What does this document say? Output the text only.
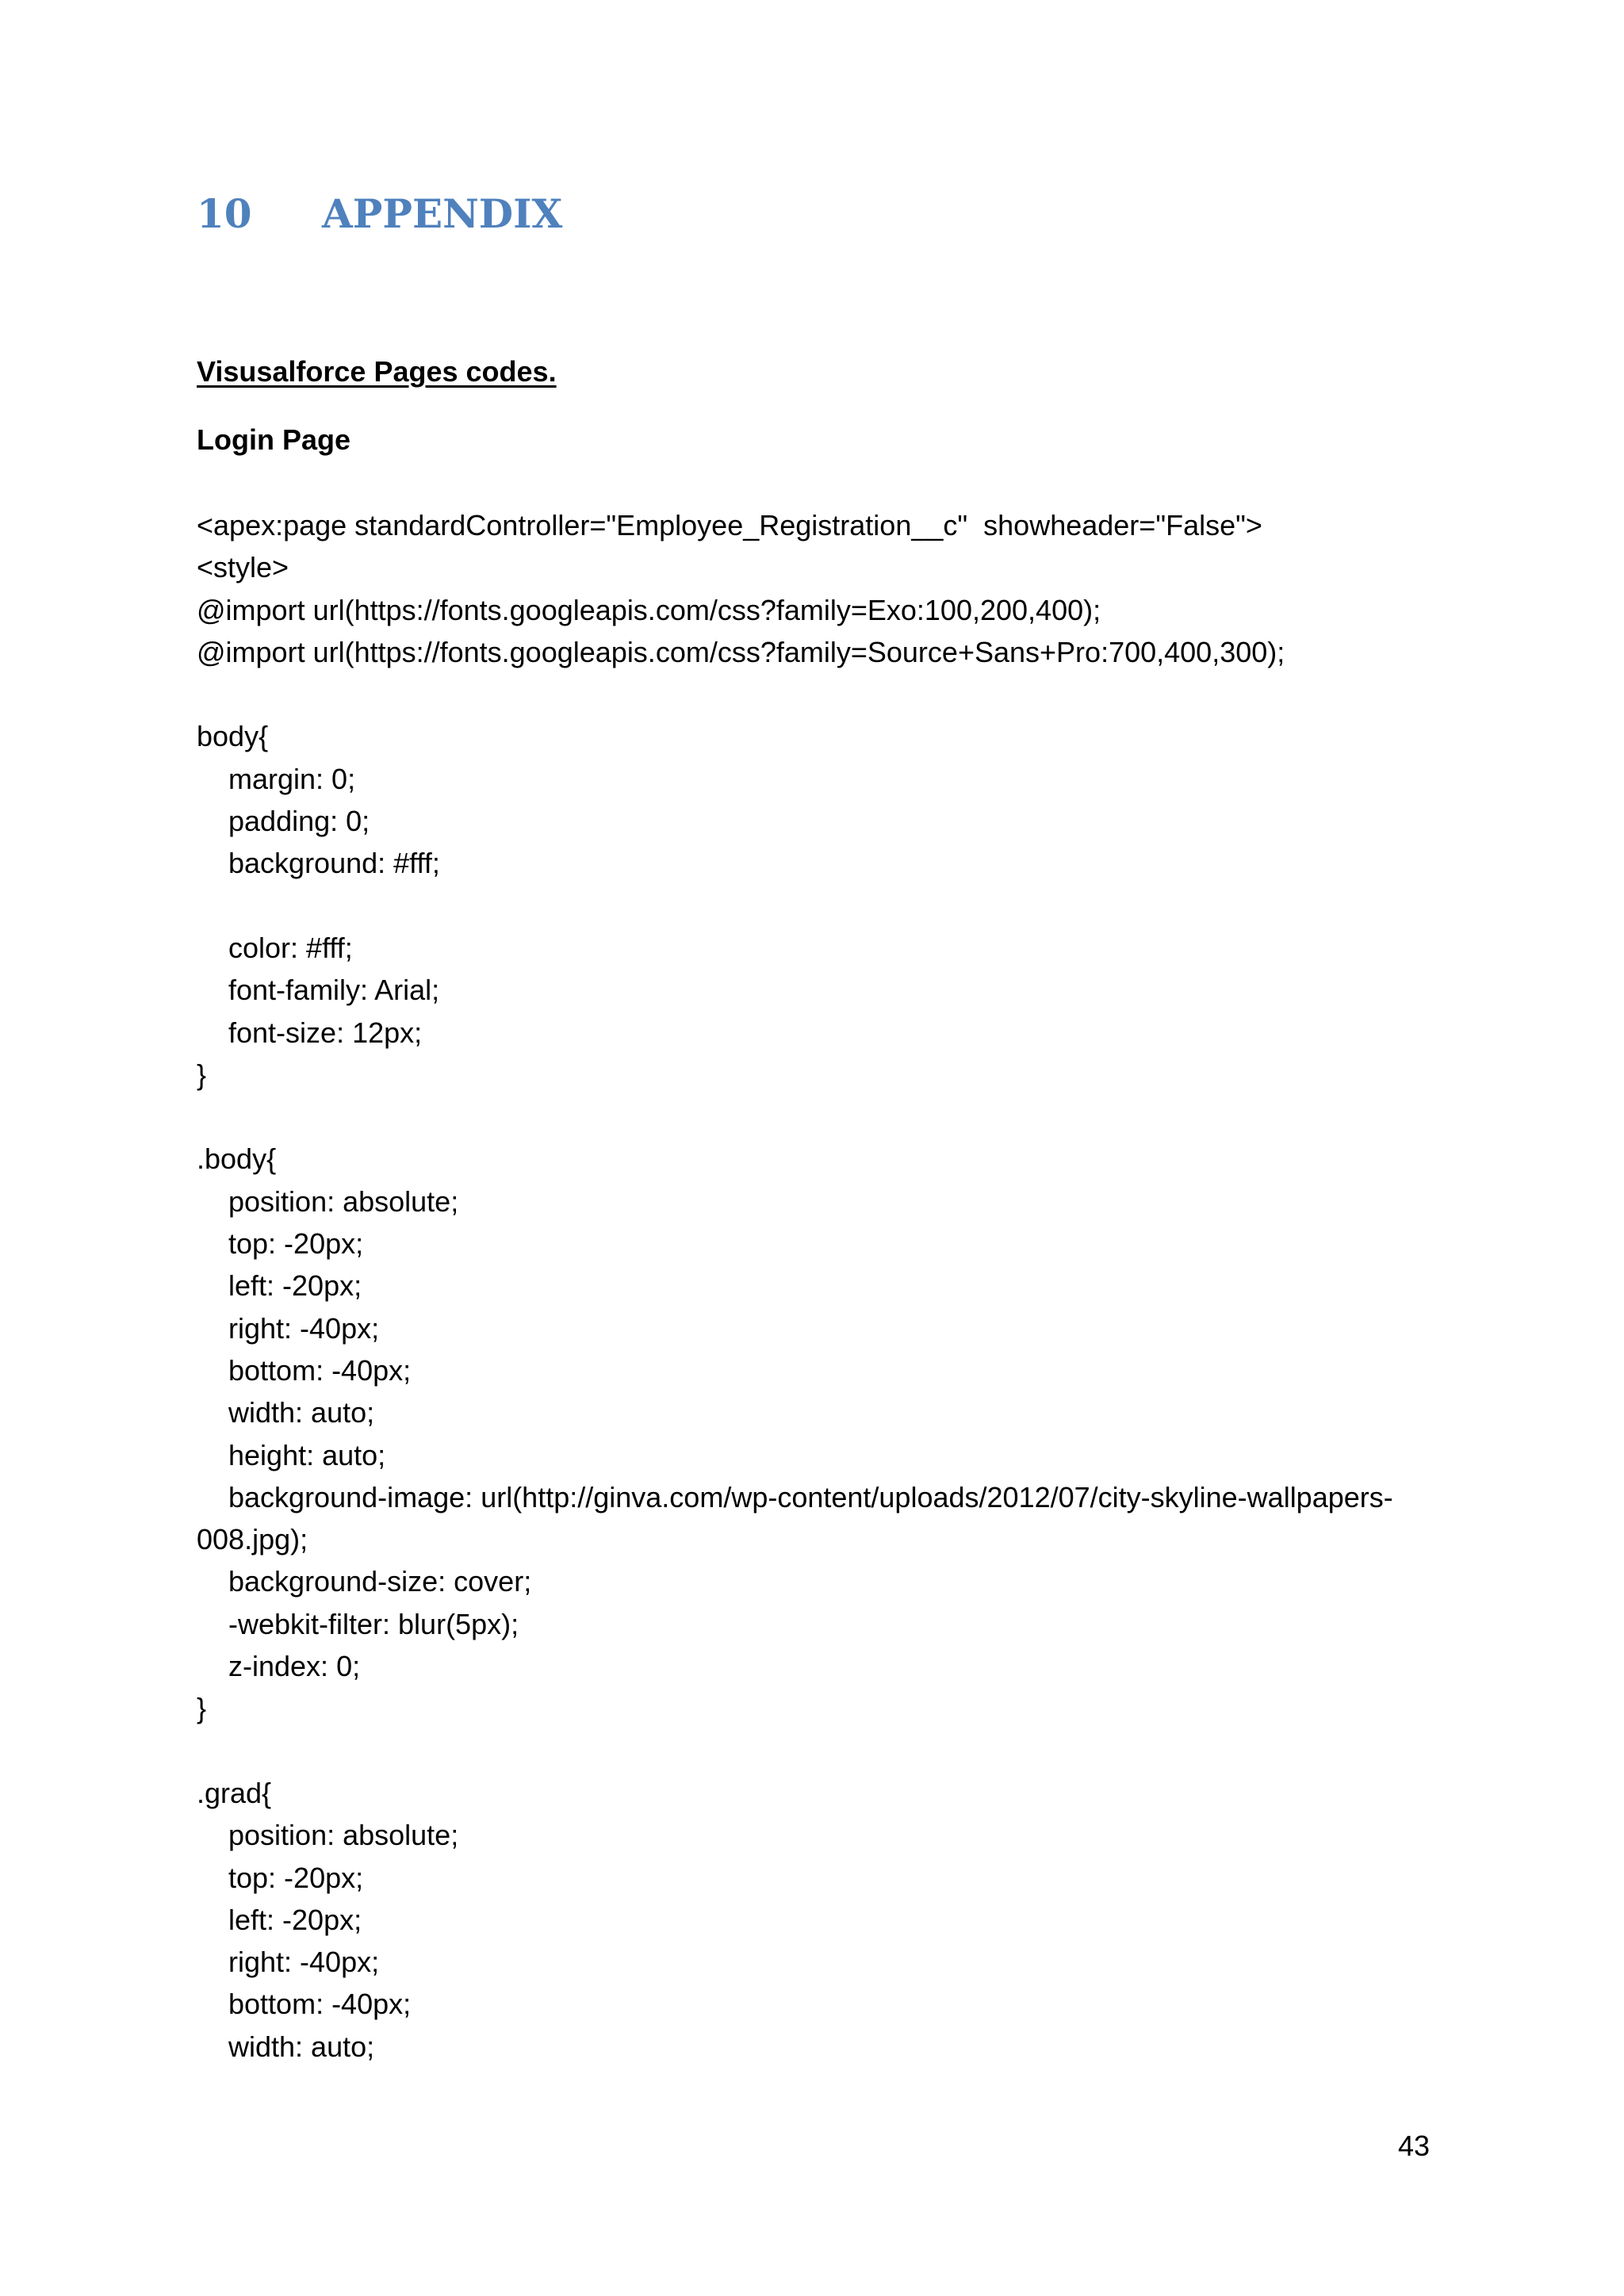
10 APPENDIX
Visusalforce Pages codes.
Login Page
<apex:page standardController="Employee_Registration__c"  showheader="False">
<style>
@import url(https://fonts.googleapis.com/css?family=Exo:100,200,400);
@import url(https://fonts.googleapis.com/css?family=Source+Sans+Pro:700,400,300);
body{
margin: 0;
padding: 0;
background: #fff;
color: #fff;
font-family: Arial;
font-size: 12px;
}
.body{
position: absolute;
top: -20px;
left: -20px;
right: -40px;
bottom: -40px;
width: auto;
height: auto;
background-image: url(http://ginva.com/wp-content/uploads/2012/07/city-skyline-wallpapers-
008.jpg);
background-size: cover;
-webkit-filter: blur(5px);
z-index: 0;
}
.grad{
position: absolute;
top: -20px;
left: -20px;
right: -40px;
bottom: -40px;
width: auto;
43
